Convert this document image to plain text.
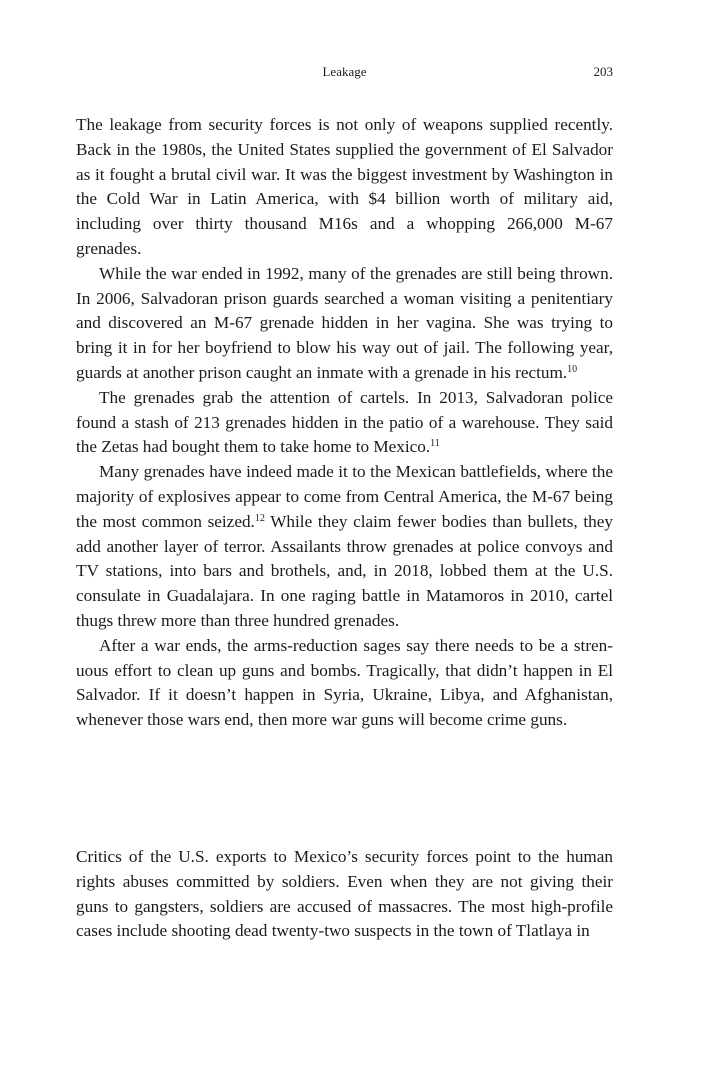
Leakage	203

The leakage from security forces is not only of weapons supplied recently. Back in the 1980s, the United States supplied the government of El Salvador as it fought a brutal civil war. It was the biggest investment by Washington in the Cold War in Latin America, with $4 billion worth of military aid, including over thirty thousand M16s and a whopping 266,000 M-67 grenades.

While the war ended in 1992, many of the grenades are still being thrown. In 2006, Salvadoran prison guards searched a woman visiting a penitentiary and discovered an M-67 grenade hidden in her vagina. She was trying to bring it in for her boyfriend to blow his way out of jail. The following year, guards at another prison caught an inmate with a grenade in his rectum.$^{10}$

The grenades grab the attention of cartels. In 2013, Salvadoran police found a stash of 213 grenades hidden in the patio of a warehouse. They said the Zetas had bought them to take home to Mexico.$^{11}$

Many grenades have indeed made it to the Mexican battlefields, where the majority of explosives appear to come from Central America, the M-67 being the most common seized.$^{12}$ While they claim fewer bodies than bullets, they add another layer of terror. Assailants throw grenades at police convoys and TV stations, into bars and brothels, and, in 2018, lobbed them at the U.S. consulate in Guadalajara. In one raging battle in Matamoros in 2010, cartel thugs threw more than three hundred grenades.

After a war ends, the arms-reduction sages say there needs to be a strenuous effort to clean up guns and bombs. Tragically, that didn’t happen in El Salvador. If it doesn’t happen in Syria, Ukraine, Libya, and Afghanistan, whenever those wars end, then more war guns will become crime guns.

Critics of the U.S. exports to Mexico’s security forces point to the human rights abuses committed by soldiers. Even when they are not giving their guns to gangsters, soldiers are accused of massacres. The most high-profile cases include shooting dead twenty-two suspects in the town of Tlatlaya in
